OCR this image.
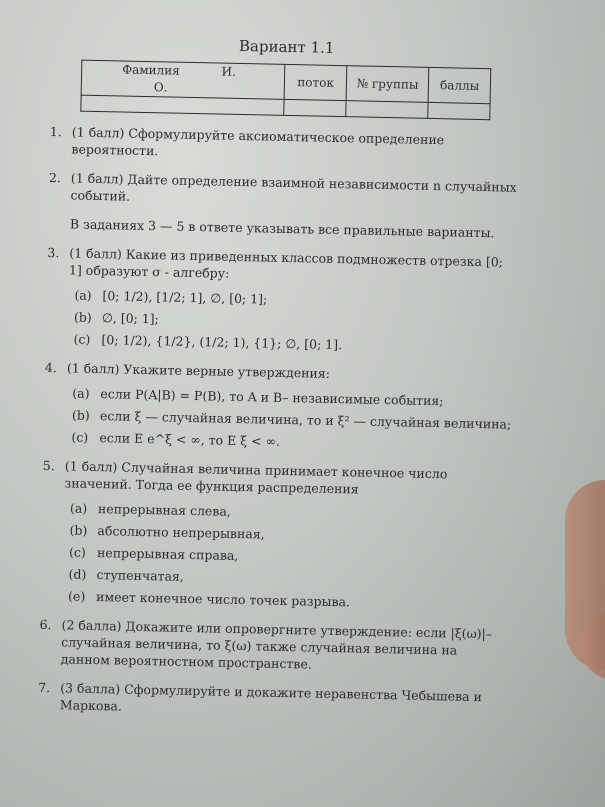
Вариант 1.1
Фамилия И. О.	поток	№ группы	баллы

1. (1 балл) Сформулируйте аксиоматическое определение вероятности.
2. (1 балл) Дайте определение взаимной независимости n случайных событий.
В заданиях 3 — 5 в ответе указывать все правильные варианты.
3. (1 балл) Какие из приведенных классов подмножеств отрезка [0; 1] образуют σ - алгебру:
(a) [0; 1/2), [1/2; 1], ∅, [0; 1];
(b) ∅, [0; 1];
(c) [0; 1/2), {1/2}, (1/2; 1), {1}; ∅, [0; 1].
4. (1 балл) Укажите верные утверждения:
(a) если P(A|B) = P(B), то A и B– независимые события;
(b) если ξ — случайная величина, то и ξ² — случайная величина;
(c) если E e^ξ < ∞, то E ξ < ∞.
5. (1 балл) Случайная величина принимает конечное число значений. Тогда ее функция распределения
(a) непрерывная слева,
(b) абсолютно непрерывная,
(c) непрерывная справа,
(d) ступенчатая,
(e) имеет конечное число точек разрыва.
6. (2 балла) Докажите или опровергните утверждение: если |ξ(ω)|– случайная величина, то ξ(ω) также случайная величина на данном вероятностном пространстве.
7. (3 балла) Сформулируйте и докажите неравенства Чебышева и Маркова.
